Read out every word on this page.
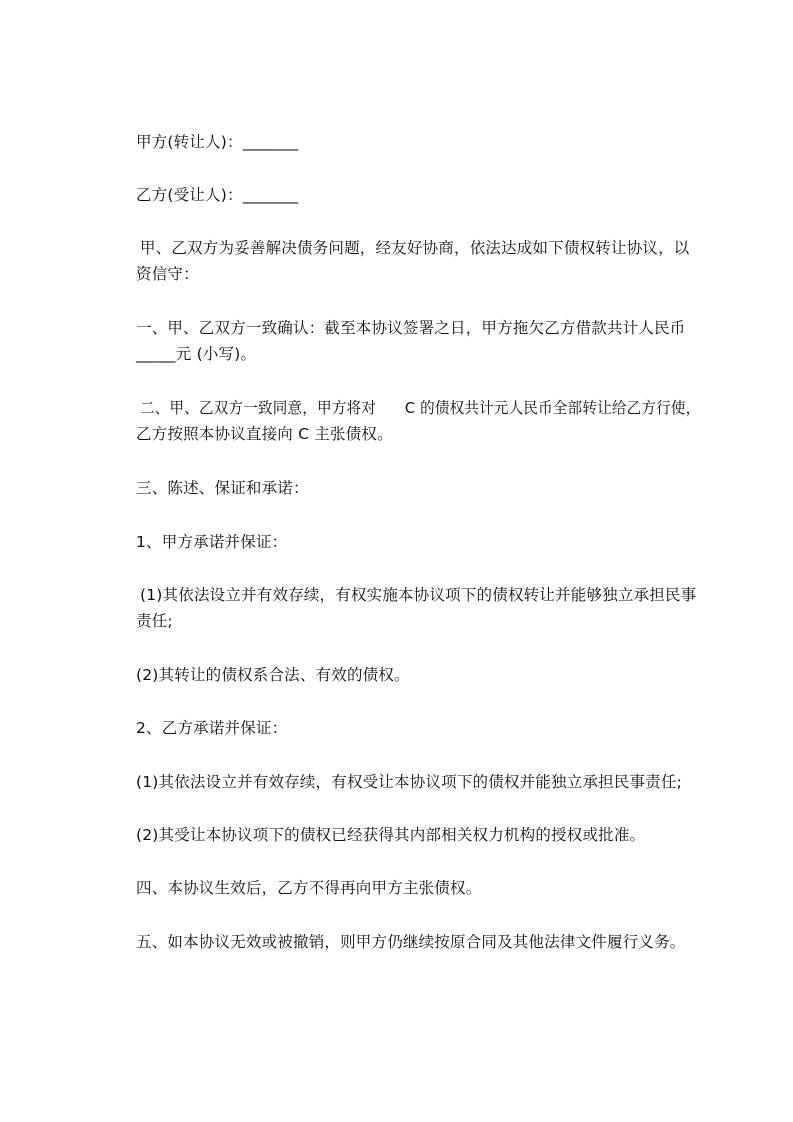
甲方(转让人)：_______
乙方(受让人)：_______
甲、乙双方为妥善解决债务问题，经友好协商，依法达成如下债权转让协议，以
资信守：
一、甲、乙双方一致确认：截至本协议签署之日，甲方拖欠乙方借款共计人民币
_____元 (小写)。
二、甲、乙双方一致同意，甲方将对      C 的债权共计元人民币全部转让给乙方行使，
乙方按照本协议直接向 C 主张债权。
三、陈述、保证和承诺：
1、甲方承诺并保证：
(1)其依法设立并有效存续，有权实施本协议项下的债权转让并能够独立承担民事
责任;
(2)其转让的债权系合法、有效的债权。
2、乙方承诺并保证：
(1)其依法设立并有效存续，有权受让本协议项下的债权并能独立承担民事责任;
(2)其受让本协议项下的债权已经获得其内部相关权力机构的授权或批准。
四、本协议生效后，乙方不得再向甲方主张债权。
五、如本协议无效或被撤销，则甲方仍继续按原合同及其他法律文件履行义务。
